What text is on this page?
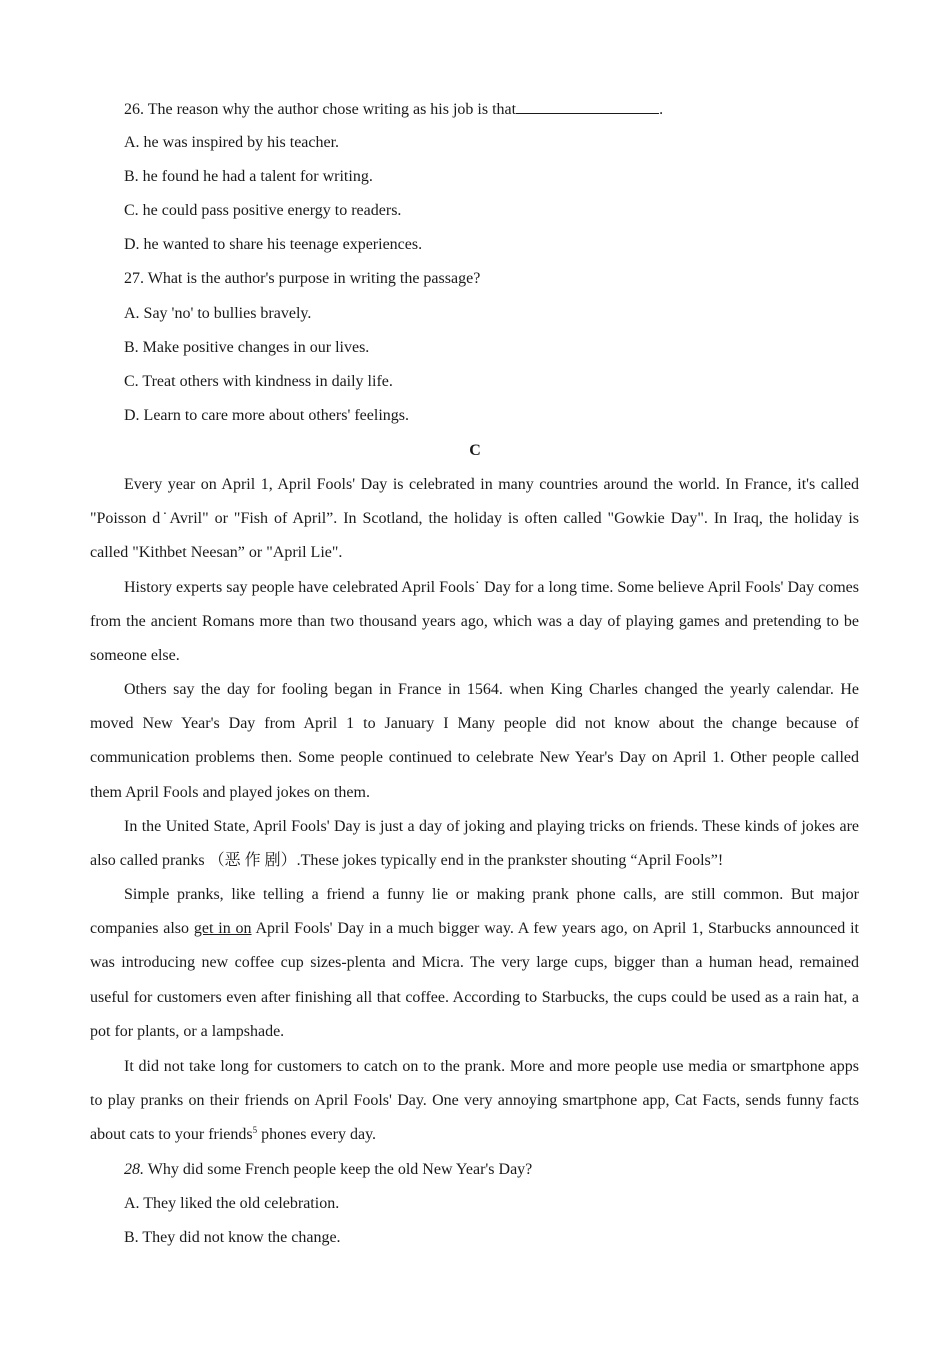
26. The reason why the author chose writing as his job is that	.
A. he was inspired by his teacher.
B. he found he had a talent for writing.
C. he could pass positive energy to readers.
D. he wanted to share his teenage experiences.
27. What is the author's purpose in writing the passage?
A. Say 'no' to bullies bravely.
B. Make positive changes in our lives.
C. Treat others with kindness in daily life.
D. Learn to care more about others' feelings.
C

Every year on April 1, April Fools' Day is celebrated in many countries around the world. In France, it's called "Poisson d˙Avril" or "Fish of April”. In Scotland, the holiday is often called "Gowkie Day". In Iraq, the holiday is called "Kithbet Neesan” or "April Lie".

History experts say people have celebrated April Fools˙ Day for a long time. Some believe April Fools' Day comes from the ancient Romans more than two thousand years ago, which was a day of playing games and pretending to be someone else.

Others say the day for fooling began in France in 1564. when King Charles changed the yearly calendar. He moved New Year's Day from April 1 to January I Many people did not know about the change because of communication problems then. Some people continued to celebrate New Year's Day on April 1. Other people called them April Fools and played jokes on them.

In the United State, April Fools' Day is just a day of joking and playing tricks on friends. These kinds of jokes are also called pranks （恶 作 剧）.These jokes typically end in the prankster shouting “April Fools”!

Simple pranks, like telling a friend a funny lie or making prank phone calls, are still common. But major companies also get in on April Fools' Day in a much bigger way. A few years ago, on April 1, Starbucks announced it was introducing new coffee cup sizes-plenta and Micra. The very large cups, bigger than a human head, remained useful for customers even after finishing all that coffee. According to Starbucks, the cups could be used as a rain hat, a pot for plants, or a lampshade.

It did not take long for customers to catch on to the prank. More and more people use media or smartphone apps to play pranks on their friends on April Fools' Day. One very annoying smartphone app, Cat Facts, sends funny facts about cats to your friends$^5$ phones every day.

28. Why did some French people keep the old New Year's Day?
A. They liked the old celebration.
B. They did not know the change.
